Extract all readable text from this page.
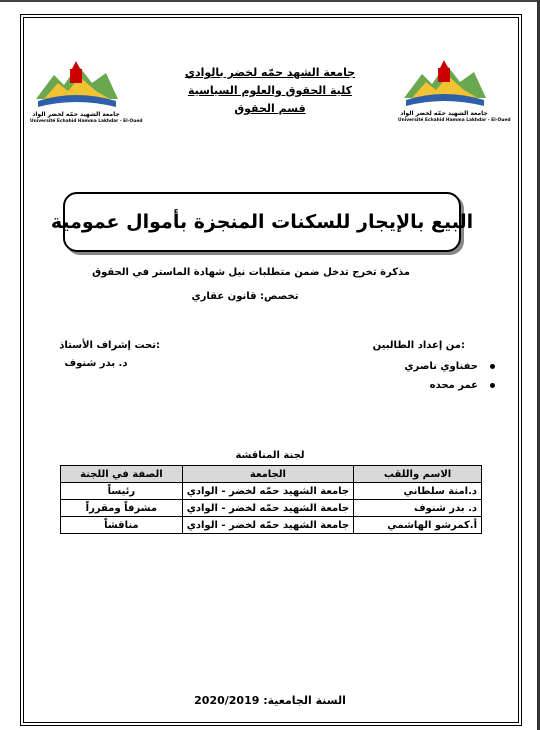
جامعة الشهيد حمّه لخضر الواد
Université Echahid Hamma Lakhdar - El-Oued
جامعة الشهيد حمّه لخضر الواد
Université Echahid Hamma Lakhdar - El-Oued
جامعة الشهد حمّه لخضر بالوادي
كلية الحقوق والعلوم السياسية
قسم الحقوق
البيع بالإيجار للسكنات المنجزة بأموال عمومية
مذكرة تخرج تدخل ضمن متطلبات نيل شهادة الماستر في الحقوق
تخصص: قانون عقاري
من إعداد الطالبين:
حفناوي ناصري
عمر محده
تحت إشراف الأستاذ:
د. بدر شنوف
لجنة المناقشة
الاسم واللقب	الجامعة	الصفة في اللجنة
د.امنة سلطاني	جامعة الشهيد حمّه لخضر - الوادي	رئيساً
د. بدر شنوف	جامعة الشهيد حمّه لخضر - الوادي	مشرفاً ومقرراً
أ.كمرشو الهاشمي	جامعة الشهيد حمّه لخضر - الوادي	مناقشاً
السنة الجامعية: 2020/2019
